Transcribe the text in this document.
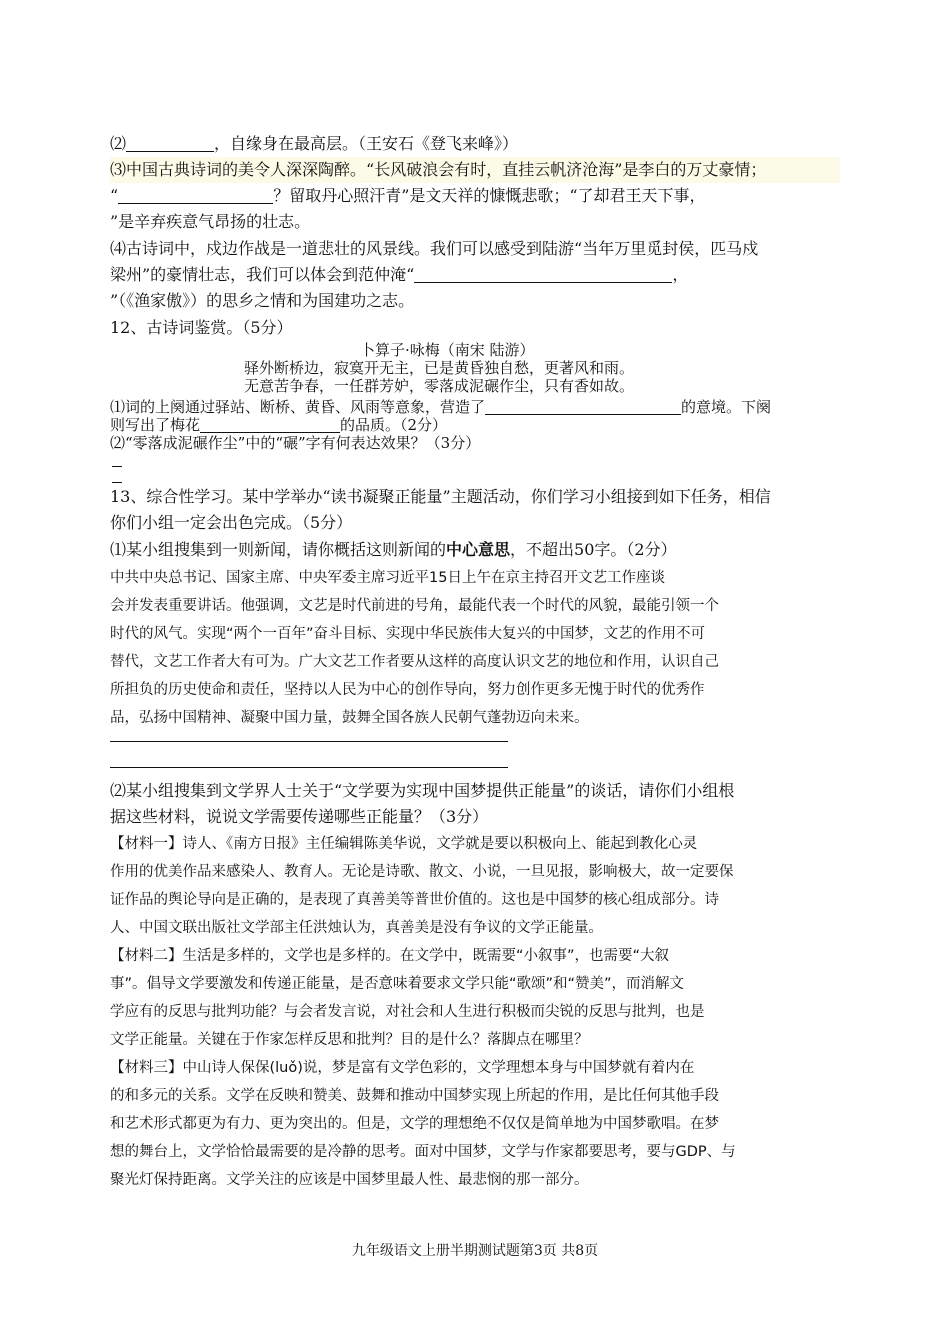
⑵	，自缘身在最高层。（王安石《登飞来峰》）
⑶中国古典诗词的美令人深深陶醉。“长风破浪会有时，直挂云帆济沧海”是李白的万丈豪情；
“	？留取丹心照汗青”是文天祥的慷慨悲歌；“了却君王天下事，
”是辛弃疾意气昂扬的壮志。
⑷古诗词中，戍边作战是一道悲壮的风景线。我们可以感受到陆游“当年万里觅封侯，匹马戍
梁州”的豪情壮志，我们可以体会到范仲淹“	，
”（《渔家傲》）的思乡之情和为国建功之志。
12、古诗词鉴赏。（5分）
卜算子·咏梅（南宋 陆游）
驿外断桥边，寂寞开无主，已是黄昏独自愁，更著风和雨。
无意苦争春，一任群芳妒，零落成泥碾作尘，只有香如故。
⑴词的上阕通过驿站、断桥、黄昏、风雨等意象，营造了	的意境。下阕
则写出了梅花	的品质。（2分）
⑵“零落成泥碾作尘”中的“碾”字有何表达效果？（3分）
13、综合性学习。某中学举办“读书凝聚正能量”主题活动，你们学习小组接到如下任务，相信
你们小组一定会出色完成。（5分）
⑴某小组搜集到一则新闻，请你概括这则新闻的中心意思，不超出50字。（2分）
中共中央总书记、国家主席、中央军委主席习近平15日上午在京主持召开文艺工作座谈
会并发表重要讲话。他强调，文艺是时代前进的号角，最能代表一个时代的风貌，最能引领一个
时代的风气。实现“两个一百年”奋斗目标、实现中华民族伟大复兴的中国梦，文艺的作用不可
替代，文艺工作者大有可为。广大文艺工作者要从这样的高度认识文艺的地位和作用，认识自己
所担负的历史使命和责任，坚持以人民为中心的创作导向，努力创作更多无愧于时代的优秀作
品，弘扬中国精神、凝聚中国力量，鼓舞全国各族人民朝气蓬勃迈向未来。
⑵某小组搜集到文学界人士关于“文学要为实现中国梦提供正能量”的谈话，请你们小组根
据这些材料，说说文学需要传递哪些正能量？（3分）
【材料一】诗人、《南方日报》主任编辑陈美华说，文学就是要以积极向上、能起到教化心灵
作用的优美作品来感染人、教育人。无论是诗歌、散文、小说，一旦见报，影响极大，故一定要保
证作品的舆论导向是正确的，是表现了真善美等普世价值的。这也是中国梦的核心组成部分。诗
人、中国文联出版社文学部主任洪烛认为，真善美是没有争议的文学正能量。
【材料二】生活是多样的，文学也是多样的。在文学中，既需要“小叙事”，也需要“大叙
事”。倡导文学要激发和传递正能量，是否意味着要求文学只能“歌颂”和“赞美”，而消解文
学应有的反思与批判功能？与会者发言说，对社会和人生进行积极而尖锐的反思与批判，也是
文学正能量。关键在于作家怎样反思和批判？目的是什么？落脚点在哪里？
【材料三】中山诗人保保(luǒ)说，梦是富有文学色彩的，文学理想本身与中国梦就有着内在
的和多元的关系。文学在反映和赞美、鼓舞和推动中国梦实现上所起的作用，是比任何其他手段
和艺术形式都更为有力、更为突出的。但是，文学的理想绝不仅仅是简单地为中国梦歌唱。在梦
想的舞台上，文学恰恰最需要的是冷静的思考。面对中国梦，文学与作家都要思考，要与GDP、与
聚光灯保持距离。文学关注的应该是中国梦里最人性、最悲悯的那一部分。
九年级语文上册半期测试题第3页 共8页
